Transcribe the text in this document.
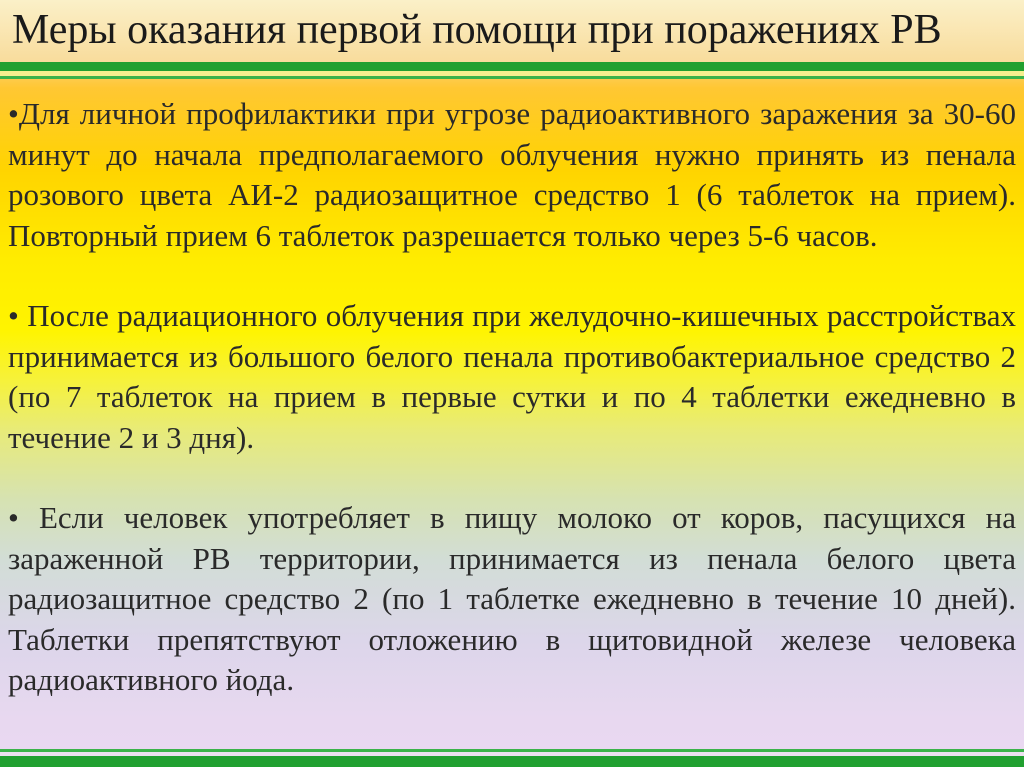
Меры оказания первой помощи при поражениях РВ

•Для личной профилактики при угрозе радиоактивного заражения за 30-60 минут до начала предполагаемого облучения нужно принять из пенала розового цвета АИ-2 радиозащитное средство 1 (6 таблеток на прием). Повторный прием 6 таблеток разрешается только через 5-6 часов.

• После радиационного облучения при желудочно-кишечных расстройствах принимается из большого белого пенала противобактериальное средство 2 (по 7 таблеток на прием в первые сутки и по 4 таблетки ежедневно в течение 2 и 3 дня).

• Если человек употребляет в пищу молоко от коров, пасущихся на зараженной РВ территории, принимается из пенала белого цвета радиозащитное средство 2 (по 1 таблетке ежедневно в течение 10 дней). Таблетки препятствуют отложению в щитовидной железе человека радиоактивного йода.
